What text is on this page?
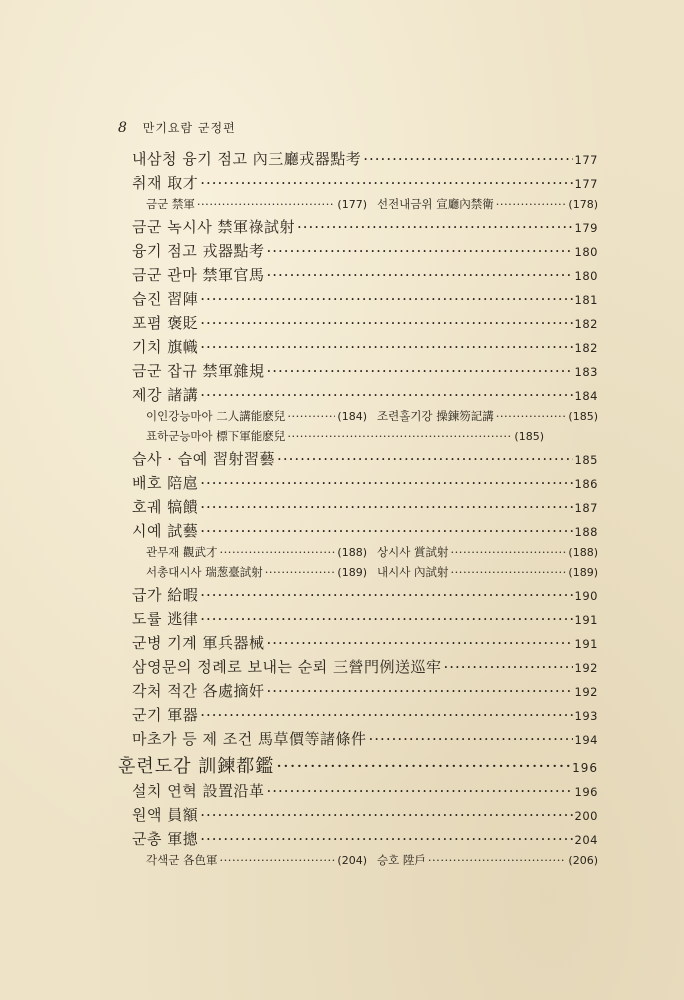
8 만기요람 군정편
내삼청 융기 점고 內三廳戎器點考 ·····	177
취재 取才 ·····	177
금군 禁軍 ·····	(177) 선전내금위 宣廳內禁衛 ·····	(178)
금군 녹시사 禁軍祿試射 ·····	179
융기 점고 戎器點考 ·····	180
금군 관마 禁軍官馬 ·····	180
습진 習陣 ·····	181
포폄 褒貶 ·····	182
기치 旗幟 ·····	182
금군 잡규 禁軍雜規 ·····	183
제강 諸講 ·····	184
이인강능마아 二人講能麽兒 ·····	(184) 조련홀기강 操鍊笏記講 ·····	(185)
표하군능마아 標下軍能麽兒 ·····	(185)
습사 · 습예 習射習藝 ·····	185
배호 陪扈 ·····	186
호궤 犒饋 ·····	187
시예 試藝 ·····	188
관무재 觀武才 ·····	(188) 상시사 賞試射 ·····	(188)
서총대시사 瑞葱臺試射 ·····	(189) 내시사 內試射 ·····	(189)
급가 給暇 ·····	190
도률 逃律 ·····	191
군병 기계 軍兵器械 ·····	191
삼영문의 정례로 보내는 순뢰 三營門例送巡牢 ·····	192
각처 적간 各處摘奸 ·····	192
군기 軍器 ·····	193
마초가 등 제 조건 馬草價等諸條件 ·····	194
훈련도감 訓鍊都鑑 ·····	196
설치 연혁 設置沿革 ·····	196
원액 員額 ·····	200
군총 軍摠 ·····	204
각색군 各色軍 ·····	(204) 승호 陞戶 ·····	(206)
